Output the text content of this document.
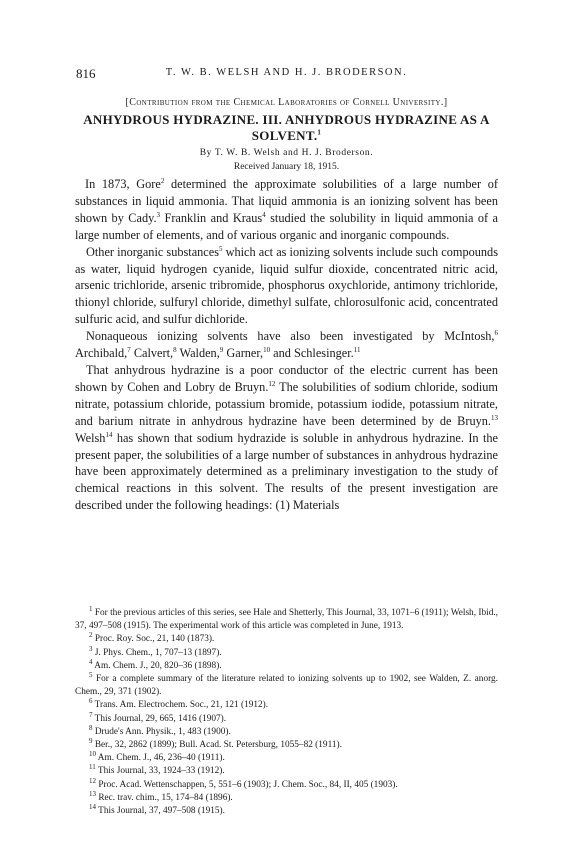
816	T. W. B. WELSH AND H. J. BRODERSON.
[Contribution from the Chemical Laboratories of Cornell University.]
ANHYDROUS HYDRAZINE. III. ANHYDROUS HYDRAZINE AS A
SOLVENT.$^1$
By T. W. B. Welsh and H. J. Broderson.
Received January 18, 1915.

In 1873, Gore$^2$ determined the approximate solubilities of a large number of substances in liquid ammonia. That liquid ammonia is an ionizing solvent has been shown by Cady.$^3$ Franklin and Kraus$^4$ studied the solubility in liquid ammonia of a large number of elements, and of various organic and inorganic compounds.

Other inorganic substances$^5$ which act as ionizing solvents include such compounds as water, liquid hydrogen cyanide, liquid sulfur dioxide, concentrated nitric acid, arsenic trichloride, arsenic tribromide, phosphorus oxychloride, antimony trichloride, thionyl chloride, sulfuryl chloride, dimethyl sulfate, chlorosulfonic acid, concentrated sulfuric acid, and sulfur dichloride.

Nonaqueous ionizing solvents have also been investigated by McIntosh,$^6$ Archibald,$^7$ Calvert,$^8$ Walden,$^9$ Garner,$^{10}$ and Schlesinger.$^{11}$

That anhydrous hydrazine is a poor conductor of the electric current has been shown by Cohen and Lobry de Bruyn.$^{12}$ The solubilities of sodium chloride, sodium nitrate, potassium chloride, potassium bromide, potassium iodide, potassium nitrate, and barium nitrate in anhydrous hydrazine have been determined by de Bruyn.$^{13}$ Welsh$^{14}$ has shown that sodium hydrazide is soluble in anhydrous hydrazine. In the present paper, the solubilities of a large number of substances in anhydrous hydrazine have been approximately determined as a preliminary investigation to the study of chemical reactions in this solvent. The results of the present investigation are described under the following headings: (1) Materials

$^1$ For the previous articles of this series, see Hale and Shetterly, This Journal, 33, 1071–6 (1911); Welsh, Ibid., 37, 497–508 (1915). The experimental work of this article was completed in June, 1913.

$^2$ Proc. Roy. Soc., 21, 140 (1873).

$^3$ J. Phys. Chem., 1, 707–13 (1897).

$^4$ Am. Chem. J., 20, 820–36 (1898).

$^5$ For a complete summary of the literature related to ionizing solvents up to 1902, see Walden, Z. anorg. Chem., 29, 371 (1902).

$^6$ Trans. Am. Electrochem. Soc., 21, 121 (1912).

$^7$ This Journal, 29, 665, 1416 (1907).

$^8$ Drude's Ann. Physik., 1, 483 (1900).

$^9$ Ber., 32, 2862 (1899); Bull. Acad. St. Petersburg, 1055–82 (1911).

$^{10}$ Am. Chem. J., 46, 236–40 (1911).

$^{11}$ This Journal, 33, 1924–33 (1912).

$^{12}$ Proc. Acad. Wettenschappen, 5, 551–6 (1903); J. Chem. Soc., 84, II, 405 (1903).

$^{13}$ Rec. trav. chim., 15, 174–84 (1896).

$^{14}$ This Journal, 37, 497–508 (1915).
